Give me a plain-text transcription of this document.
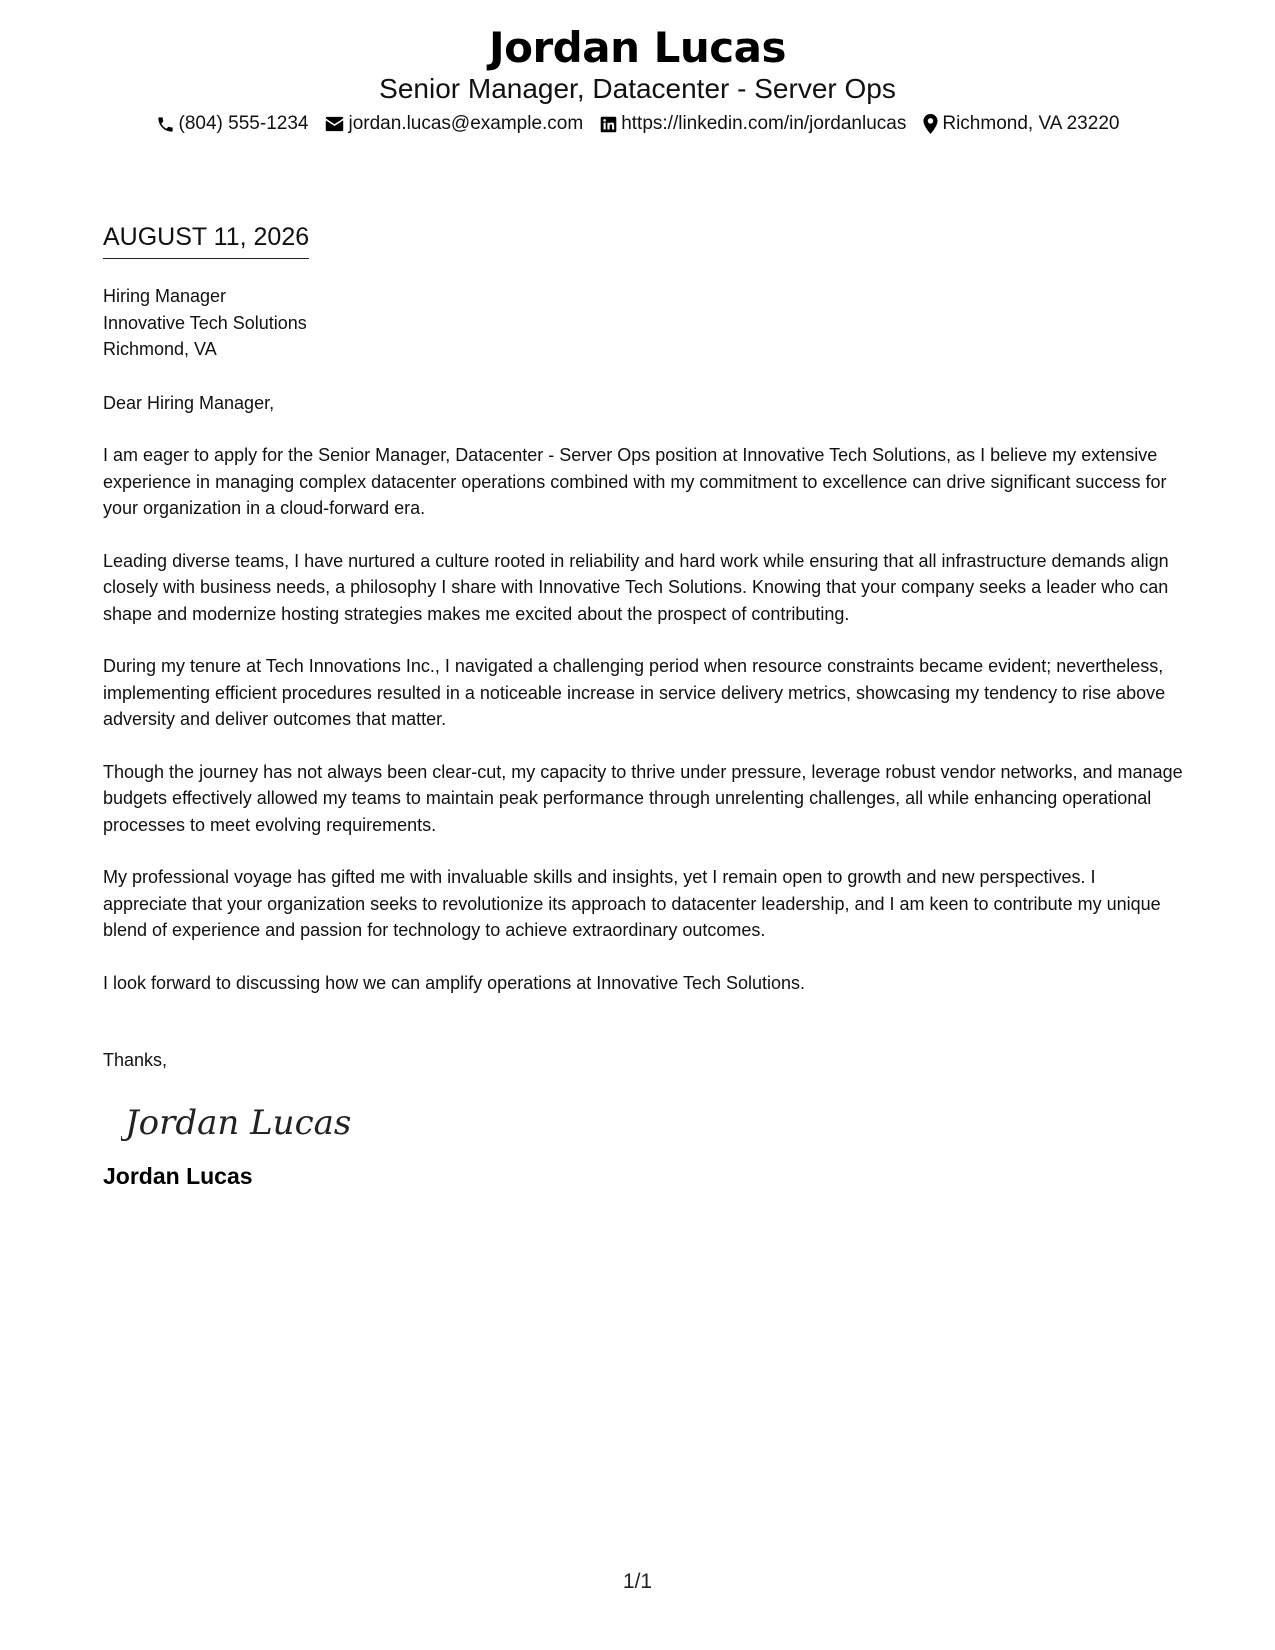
Jordan Lucas
Senior Manager, Datacenter - Server Ops
(804) 555-1234 jordan.lucas@example.com https://linkedin.com/in/jordanlucas Richmond, VA 23220
AUGUST 11, 2026
Hiring Manager
Innovative Tech Solutions
Richmond, VA
Dear Hiring Manager,
I am eager to apply for the Senior Manager, Datacenter - Server Ops position at Innovative Tech Solutions, as I believe my extensive experience in managing complex datacenter operations combined with my commitment to excellence can drive significant success for your organization in a cloud-forward era.
Leading diverse teams, I have nurtured a culture rooted in reliability and hard work while ensuring that all infrastructure demands align closely with business needs, a philosophy I share with Innovative Tech Solutions. Knowing that your company seeks a leader who can shape and modernize hosting strategies makes me excited about the prospect of contributing.
During my tenure at Tech Innovations Inc., I navigated a challenging period when resource constraints became evident; nevertheless, implementing efficient procedures resulted in a noticeable increase in service delivery metrics, showcasing my tendency to rise above adversity and deliver outcomes that matter.
Though the journey has not always been clear-cut, my capacity to thrive under pressure, leverage robust vendor networks, and manage budgets effectively allowed my teams to maintain peak performance through unrelenting challenges, all while enhancing operational processes to meet evolving requirements.
My professional voyage has gifted me with invaluable skills and insights, yet I remain open to growth and new perspectives. I appreciate that your organization seeks to revolutionize its approach to datacenter leadership, and I am keen to contribute my unique blend of experience and passion for technology to achieve extraordinary outcomes.
I look forward to discussing how we can amplify operations at Innovative Tech Solutions.
Thanks,
Jordan Lucas
Jordan Lucas
1/1
